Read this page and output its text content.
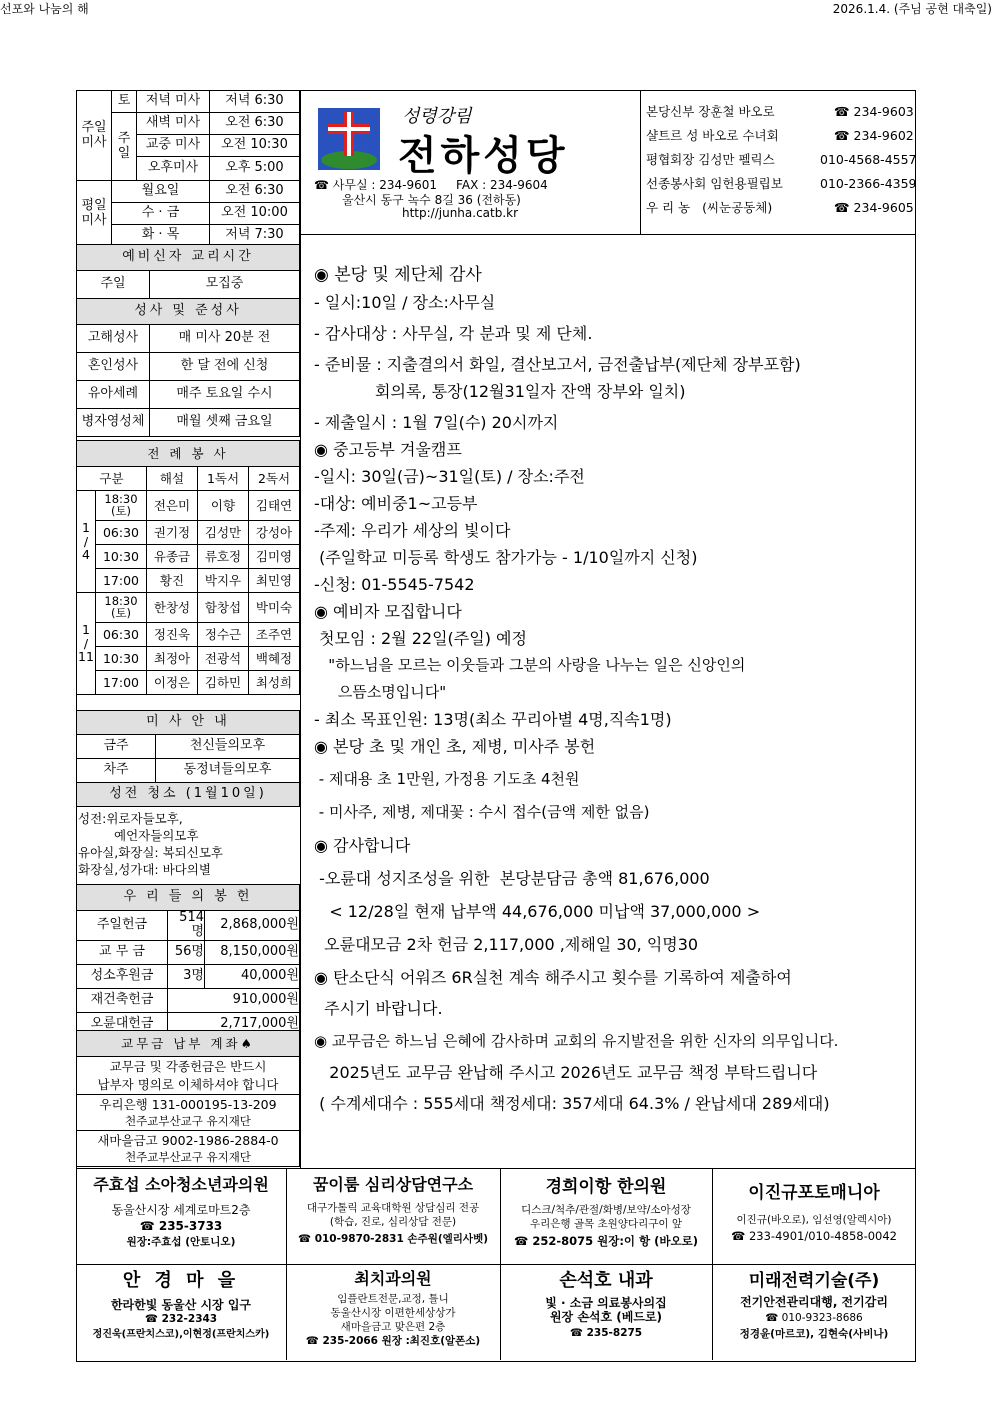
선포와 나눔의 해	2026.1.4. (주님 공현 대축일)
주일
미사	토	저녁 미사	저녁 6:30
	주
일	새벽 미사	오전 6:30
		교중 미사	오전 10:30
		오후미사	오후 5:00
평일
미사	월요일		오전 6:30
	수 · 금		오전 10:00
	화 · 목		저녁 7:30
성령강림
전하성당
☎ 사무실 : 234-9601     FAX : 234-9604
울산시 동구 녹수 8길 36 (전하동)
http://junha.catb.kr
본당신부 장훈철 바오로	☎ 234-9603
샬트르 성 바오로 수녀회	☎ 234-9602
평협회장 김성만 펠릭스	010-4568-4557
선종봉사회 임헌용필립보	010-2366-4359
우 리 농   (씨눈공동체)	☎ 234-9605
예비신자 교리시간	
주일	모집중
성사 및 준성사	
고해성사	매 미사 20분 전
혼인성사	한 달 전에 신청
유아세례	매주 토요일 수시
병자영성체	매월 셋째 금요일
전 례 봉 사				
구분		해설	1독서	2독서
1
/
4	18:30
(토)	전은미	이향	김태연
	06:30	권기정	김성만	강성아
	10:30	유종금	류호정	김미영
	17:00	황진	박지우	최민영
1
/
11	18:30
(토)	한창성	함창섭	박미숙
	06:30	정진욱	정수근	조주연
	10:30	최정아	전광석	백혜정
	17:00	이정은	김하민	최성희
미 사 안 내	
금주	천신들의모후
차주	동정녀들의모후
성전 청소 (1월10일)	
성전:위로자들모후,
예언자들의모후
유아실,화장실: 복되신모후
화장실,성가대: 바다의별
우 리 들 의 봉 헌		
주일헌금	514명	2,868,000원
교 무 금	56명	8,150,000원
성소후원금	3명	40,000원
재건축헌금	910,000원	
오륜대헌금	2,717,000원	
교무금 납부 계좌♠

교무금 및 각종헌금은 반드시
납부자 명의로 이체하셔야 합니다

우리은행 131-000195-13-209
천주교부산교구 유지재단

새마을금고 9002-1986-2884-0
천주교부산교구 유지재단
◉ 본당 및 제단체 감사
- 일시:10일 / 장소:사무실
- 감사대상 : 사무실, 각 분과 및 제 단체.
- 준비물 : 지출결의서 화일, 결산보고서, 금전출납부(제단체 장부포함)
회의록, 통장(12월31일자 잔액 장부와 일치)
- 제출일시 : 1월 7일(수) 20시까지
◉ 중고등부 겨울캠프
-일시: 30일(금)~31일(토) / 장소:주전
-대상: 예비중1~고등부
-주제: 우리가 세상의 빛이다
(주일학교 미등록 학생도 참가가능 - 1/10일까지 신청)
-신청: 01-5545-7542
◉ 예비자 모집합니다
첫모임 : 2월 22일(주일) 예정
"하느님을 모르는 이웃들과 그분의 사랑을 나누는 일은 신앙인의
으뜸소명입니다"
- 최소 목표인원: 13명(최소 꾸리아별 4명,직속1명)
◉ 본당 초 및 개인 초, 제병, 미사주 봉헌
- 제대용 초 1만원, 가정용 기도초 4천원
- 미사주, 제병, 제대꽃 : 수시 접수(금액 제한 없음)
◉ 감사합니다
-오륜대 성지조성을 위한  본당분담금 총액 81,676,000
< 12/28일 현재 납부액 44,676,000 미납액 37,000,000 >
오륜대모금 2차 헌금 2,117,000 ,제해일 30, 익명30
◉ 탄소단식 어워즈 6R실천 계속 해주시고 횟수를 기록하여 제출하여
주시기 바랍니다.
◉ 교무금은 하느님 은혜에 감사하며 교회의 유지발전을 위한 신자의 의무입니다.
2025년도 교무금 완납해 주시고 2026년도 교무금 책정 부탁드립니다
( 수계세대수 : 555세대 책정세대: 357세대 64.3% / 완납세대 289세대)
주효섭 소아청소년과의원
동울산시장 세계로마트2층
☎ 235-3733
원장:주효섭 (안토니오)
꿈이룸 심리상담연구소
대구가톨릭 교육대학원 상담심리 전공
(학습, 진로, 심리상담 전문)
☎ 010-9870-2831 손주원(엘리사벳)
경희이항 한의원
디스크/척추/관절/화병/보약/소아성장
우리은행 골목 초원양다리구이 앞
☎ 252-8075 원장:이 항 (바오로)
이진규포토매니아
이진규(바오로), 임선영(알렉시아)
☎ 233-4901/010-4858-0042
안 경 마 을
한라한빛 동울산 시장 입구
☎ 232-2343
정진욱(프란치스코),이현정(프란치스카)
최치과의원
임플란트전문,교정, 틀니
동울산시장 이편한세상상가
새마을금고 맞은편 2층
☎ 235-2066 원장 :최진호(알폰소)
손석호 내과
빛 · 소금 의료봉사의집
원장 손석호 (베드로)
☎ 235-8275
미래전력기술(주)
전기안전관리대행, 전기감리
☎ 010-9323-8686
정경윤(마르코), 김현숙(사비나)
